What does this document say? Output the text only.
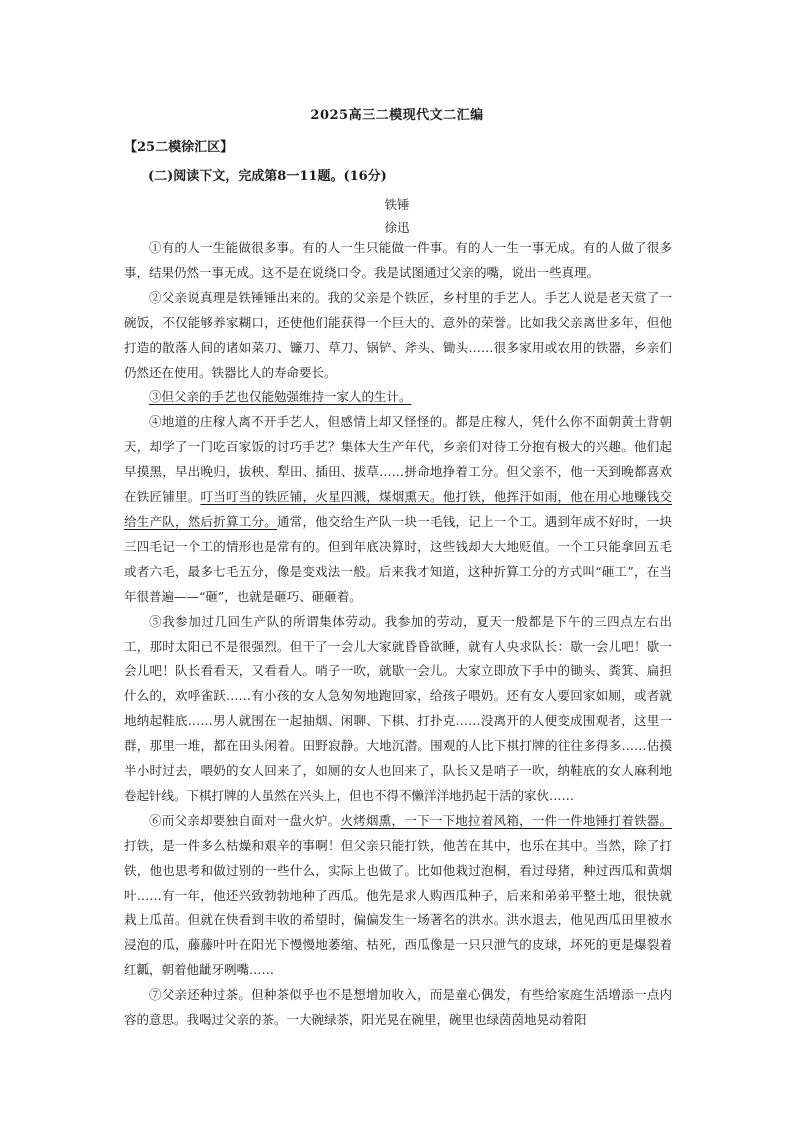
2025高三二模现代文二汇编
【25二模徐汇区】
(二)阅读下文，完成第8一11题。(16分)
铁锤
徐迅

①有的人一生能做很多事。有的人一生只能做一件事。有的人一生一事无成。有的人做了很多事，结果仍然一事无成。这不是在说绕口令。我是试图通过父亲的嘴，说出一些真理。

②父亲说真理是铁锤锤出来的。我的父亲是个铁匠，乡村里的手艺人。手艺人说是老天赏了一碗饭，不仅能够养家糊口，还使他们能获得一个巨大的、意外的荣誉。比如我父亲离世多年，但他打造的散落人间的诸如菜刀、镰刀、草刀、锅铲、斧头、锄头……很多家用或农用的铁器，乡亲们仍然还在使用。铁器比人的寿命要长。

③但父亲的手艺也仅能勉强维持一家人的生计。

④地道的庄稼人离不开手艺人，但感情上却又怪怪的。都是庄稼人，凭什么你不面朝黄土背朝天，却学了一门吃百家饭的讨巧手艺？集体大生产年代，乡亲们对待工分抱有极大的兴趣。他们起早摸黑，早出晚归，拔秧、犁田、插田、拔草……拼命地挣着工分。但父亲不，他一天到晚都喜欢在铁匠铺里。叮当叮当的铁匠铺，火星四溅，煤烟熏天。他打铁，他挥汗如雨，他在用心地赚钱交给生产队，然后折算工分。通常，他交给生产队一块一毛钱，记上一个工。遇到年成不好时，一块三四毛记一个工的情形也是常有的。但到年底决算时，这些钱却大大地贬值。一个工只能拿回五毛或者六毛，最多七毛五分，像是变戏法一般。后来我才知道，这种折算工分的方式叫“砸工”，在当年很普遍——“砸”，也就是砸巧、砸砸着。

⑤我参加过几回生产队的所谓集体劳动。我参加的劳动，夏天一般都是下午的三四点左右出工，那时太阳已不是很强烈。但干了一会儿大家就昏昏欲睡，就有人央求队长：歇一会儿吧！歇一会儿吧！队长看看天，又看看人。哨子一吹，就歇一会儿。大家立即放下手中的锄头、粪箕、扁担什么的，欢呼雀跃……有小孩的女人急匆匆地跑回家，给孩子喂奶。还有女人要回家如厕，或者就地纳起鞋底……男人就围在一起抽烟、闲聊、下棋、打扑克……没离开的人便变成围观者，这里一群，那里一堆，都在田头闲着。田野寂静。大地沉潜。围观的人比下棋打牌的往往多得多……估摸半小时过去，喂奶的女人回来了，如厕的女人也回来了，队长又是哨子一吹，纳鞋底的女人麻利地卷起针线。下棋打牌的人虽然在兴头上，但也不得不懒洋洋地扔起干活的家伙……

⑥而父亲却要独自面对一盘火炉。火烤烟熏，一下一下地拉着风箱，一件一件地锤打着铁器。打铁，是一件多么枯燥和艰辛的事啊！但父亲只能打铁，他苦在其中，也乐在其中。当然，除了打铁，他也思考和做过别的一些什么，实际上也做了。比如他栽过泡桐，看过母猪，种过西瓜和黄烟叶……有一年，他还兴致勃勃地种了西瓜。他先是求人购西瓜种子，后来和弟弟平整土地，很快就栽上瓜苗。但就在快看到丰收的希望时，偏偏发生一场著名的洪水。洪水退去，他见西瓜田里被水浸泡的瓜，藤藤叶叶在阳光下慢慢地萎缩、枯死，西瓜像是一只只泄气的皮球，坏死的更是爆裂着红瓤，朝着他龇牙咧嘴……

⑦父亲还种过茶。但种茶似乎也不是想增加收入，而是童心偶发，有些给家庭生活增添一点内容的意思。我喝过父亲的茶。一大碗绿茶，阳光晃在碗里，碗里也绿茵茵地晃动着阳
